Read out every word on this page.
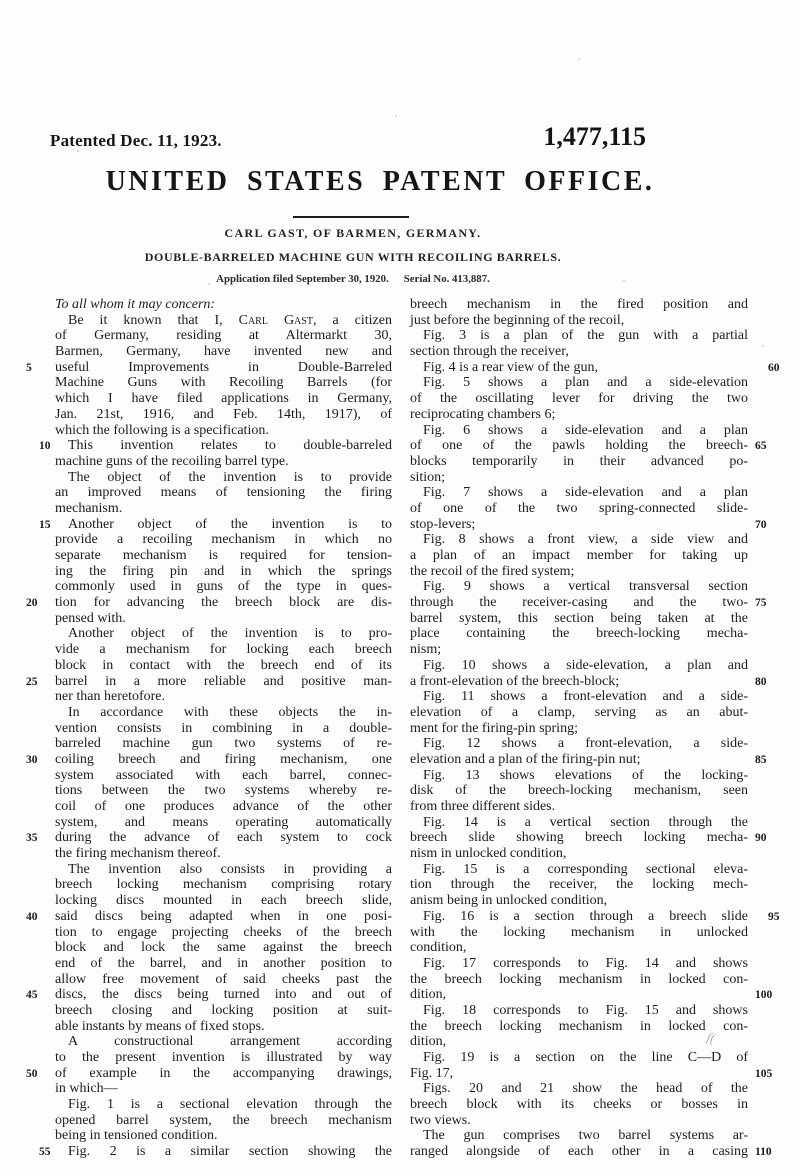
Patented Dec. 11, 1923.	1,477,115
UNITED STATES PATENT OFFICE.
CARL GAST, OF BARMEN, GERMANY.
DOUBLE-BARRELED MACHINE GUN WITH RECOILING BARRELS.
Application filed September 30, 1920. Serial No. 413,887.
To all whom it may concern:
Be it known that I, Carl Gast, a citizen
of Germany, residing at Altermarkt 30,
Barmen, Germany, have invented new and
useful Improvements in Double-Barreled
5
Machine Guns with Recoiling Barrels (for
which I have filed applications in Germany,
Jan. 21st, 1916, and Feb. 14th, 1917), of
which the following is a specification.
This invention relates to double-barreled
10
machine guns of the recoiling barrel type.
The object of the invention is to provide
an improved means of tensioning the firing
mechanism.
Another object of the invention is to
15
provide a recoiling mechanism in which no
separate mechanism is required for tension-
ing the firing pin and in which the springs
commonly used in guns of the type in ques-
tion for advancing the breech block are dis-
20
pensed with.
Another object of the invention is to pro-
vide a mechanism for locking each breech
block in contact with the breech end of its
barrel in a more reliable and positive man-
25
ner than heretofore.
In accordance with these objects the in-
vention consists in combining in a double-
barreled machine gun two systems of re-
coiling breech and firing mechanism, one
30
system associated with each barrel, connec-
tions between the two systems whereby re-
coil of one produces advance of the other
system, and means operating automatically
during the advance of each system to cock
35
the firing mechanism thereof.
The invention also consists in providing a
breech locking mechanism comprising rotary
locking discs mounted in each breech slide,
said discs being adapted when in one posi-
40
tion to engage projecting cheeks of the breech
block and lock the same against the breech
end of the barrel, and in another position to
allow free movement of said cheeks past the
discs, the discs being turned into and out of
45
breech closing and locking position at suit-
able instants by means of fixed stops.
A constructional arrangement according
to the present invention is illustrated by way
of example in the accompanying drawings,
50
in which—
Fig. 1 is a sectional elevation through the
opened barrel system, the breech mechanism
being in tensioned condition.
Fig. 2 is a similar section showing the
55
breech mechanism in the fired position and
just before the beginning of the recoil,
Fig. 3 is a plan of the gun with a partial
section through the receiver,
Fig. 4 is a rear view of the gun,	60
Fig. 5 shows a plan and a side-elevation
of the oscillating lever for driving the two
reciprocating chambers 6;
Fig. 6 shows a side-elevation and a plan
of one of the pawls holding the breech- 65
blocks temporarily in their advanced po-
sition;
Fig. 7 shows a side-elevation and a plan
of one of the two spring-connected slide-
stop-levers;	70
Fig. 8 shows a front view, a side view and
a plan of an impact member for taking up
the recoil of the fired system;
Fig. 9 shows a vertical transversal section
through the receiver-casing and the two- 75
barrel system, this section being taken at the
place containing the breech-locking mecha-
nism;
Fig. 10 shows a side-elevation, a plan and
a front-elevation of the breech-block;	80
Fig. 11 shows a front-elevation and a side-
elevation of a clamp, serving as an abut-
ment for the firing-pin spring;
Fig. 12 shows a front-elevation, a side-
elevation and a plan of the firing-pin nut;	85
Fig. 13 shows elevations of the locking-
disk of the breech-locking mechanism, seen
from three different sides.
Fig. 14 is a vertical section through the
breech slide showing breech locking mecha- 90
nism in unlocked condition,
Fig. 15 is a corresponding sectional eleva-
tion through the receiver, the locking mech-
anism being in unlocked condition,
Fig. 16 is a section through a breech slide	95
with the locking mechanism in unlocked
condition,
Fig. 17 corresponds to Fig. 14 and shows
the breech locking mechanism in locked con-
dition,	100
Fig. 18 corresponds to Fig. 15 and shows
the breech locking mechanism in locked con-
dition,
Fig. 19 is a section on the line C—D of
Fig. 17,	105
Figs. 20 and 21 show the head of the
breech block with its cheeks or bosses in
two views.
The gun comprises two barrel systems ar-
ranged alongside of each other in a casing 110
ſ(
